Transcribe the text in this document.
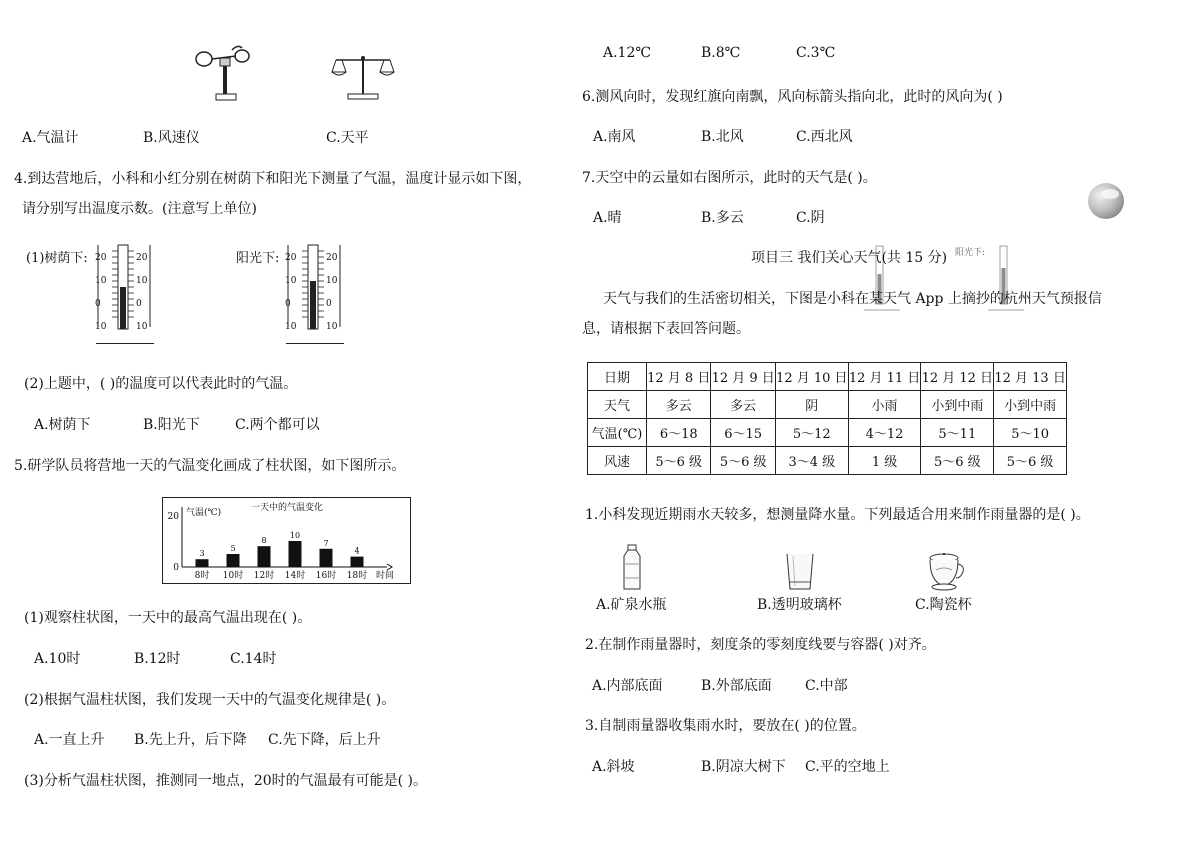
A.气温计	B.风速仪	C.天平
4.到达营地后，小科和小红分别在树荫下和阳光下测量了气温，温度计显示如下图，
请分别写出温度示数。(注意写上单位)
(1)树荫下:	阳光下:
20
10
0
10
20
10
0
10
20
10
0
10
20
10
0
10
(2)上题中，( )的温度可以代表此时的气温。
A.树荫下	B.阳光下	C.两个都可以
5.研学队员将营地一天的气温变化画成了柱状图，如下图所示。
20
0
气温(℃)	一天中的气温变化
3
8时
5
10时
8
12时
10
14时
7
16时
4
18时 时间
(1)观察柱状图，一天中的最高气温出现在( )。
A.10时	B.12时	C.14时
(2)根据气温柱状图，我们发现一天中的气温变化规律是( )。
A.一直上升 B.先上升，后下降 C.先下降，后上升
(3)分析气温柱状图，推测同一地点，20时的气温最有可能是( )。
A.12℃	B.8℃	C.3℃
6.测风向时，发现红旗向南飘，风向标箭头指向北，此时的风向为( )
A.南风	B.北风	C.西北风
7.天空中的云量如右图所示，此时的天气是( )。
A.晴	B.多云	C.阴
阳光下:
项目三 我们关心天气(共 15 分)
天气与我们的生活密切相关，下图是小科在某天气 App 上摘抄的杭州天气预报信
息，请根据下表回答问题。
日期	12 月 8 日	12 月 9 日	12 月 10 日	12 月 11 日	12 月 12 日	12 月 13 日
天气	多云	多云	阴	小雨	小到中雨	小到中雨
气温(℃)	6～18	6～15	5～12	4～12	5～11	5～10
风速	5～6 级	5～6 级	3～4 级	1 级	5～6 级	5～6 级
1.小科发现近期雨水天较多，想测量降水量。下列最适合用来制作雨量器的是( )。
A.矿泉水瓶	B.透明玻璃杯	C.陶瓷杯
2.在制作雨量器时，刻度条的零刻度线要与容器( )对齐。
A.内部底面	B.外部底面 C.中部
3.自制雨量器收集雨水时，要放在( )的位置。
A.斜坡	B.阴凉大树下 C.平的空地上
